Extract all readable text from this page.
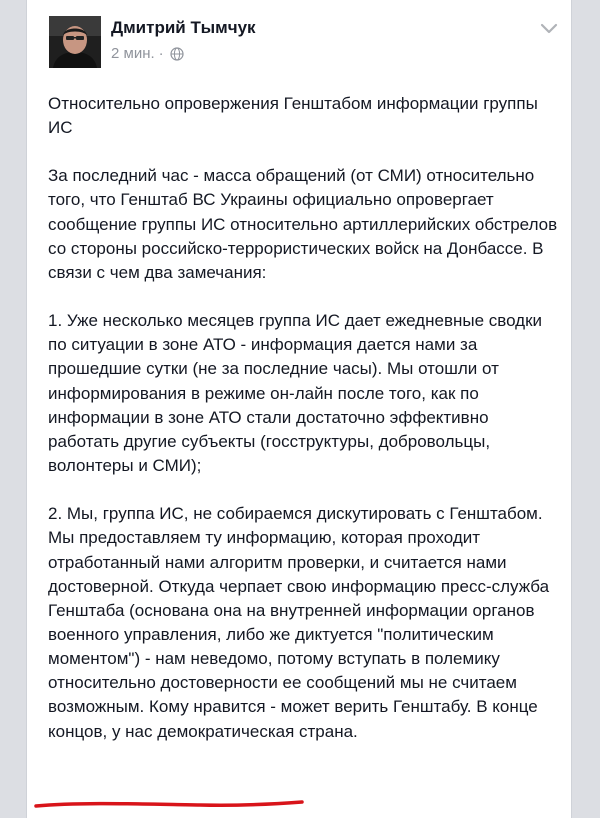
Дмитрий Тымчук
2 мин. ·

Относительно опровержения Генштабом информации группы ИС

За последний час - масса обращений (от СМИ) относительно того, что Генштаб ВС Украины официально опровергает сообщение группы ИС относительно артиллерийских обстрелов со стороны российско-террористических войск на Донбассе. В связи с чем два замечания:

1. Уже несколько месяцев группа ИС дает ежедневные сводки по ситуации в зоне АТО - информация дается нами за прошедшие сутки (не за последние часы). Мы отошли от информирования в режиме он-лайн после того, как по информации в зоне АТО стали достаточно эффективно работать другие субъекты (госструктуры, добровольцы, волонтеры и СМИ);

2. Мы, группа ИС, не собираемся дискутировать с Генштабом. Мы предоставляем ту информацию, которая проходит отработанный нами алгоритм проверки, и считается нами достоверной. Откуда черпает свою информацию пресс-служба Генштаба (основана она на внутренней информации органов военного управления, либо же диктуется "политическим моментом") - нам неведомо, потому вступать в полемику относительно достоверности ее сообщений мы не считаем возможным. Кому нравится - может верить Генштабу. В конце концов, у нас демократическая страна.
